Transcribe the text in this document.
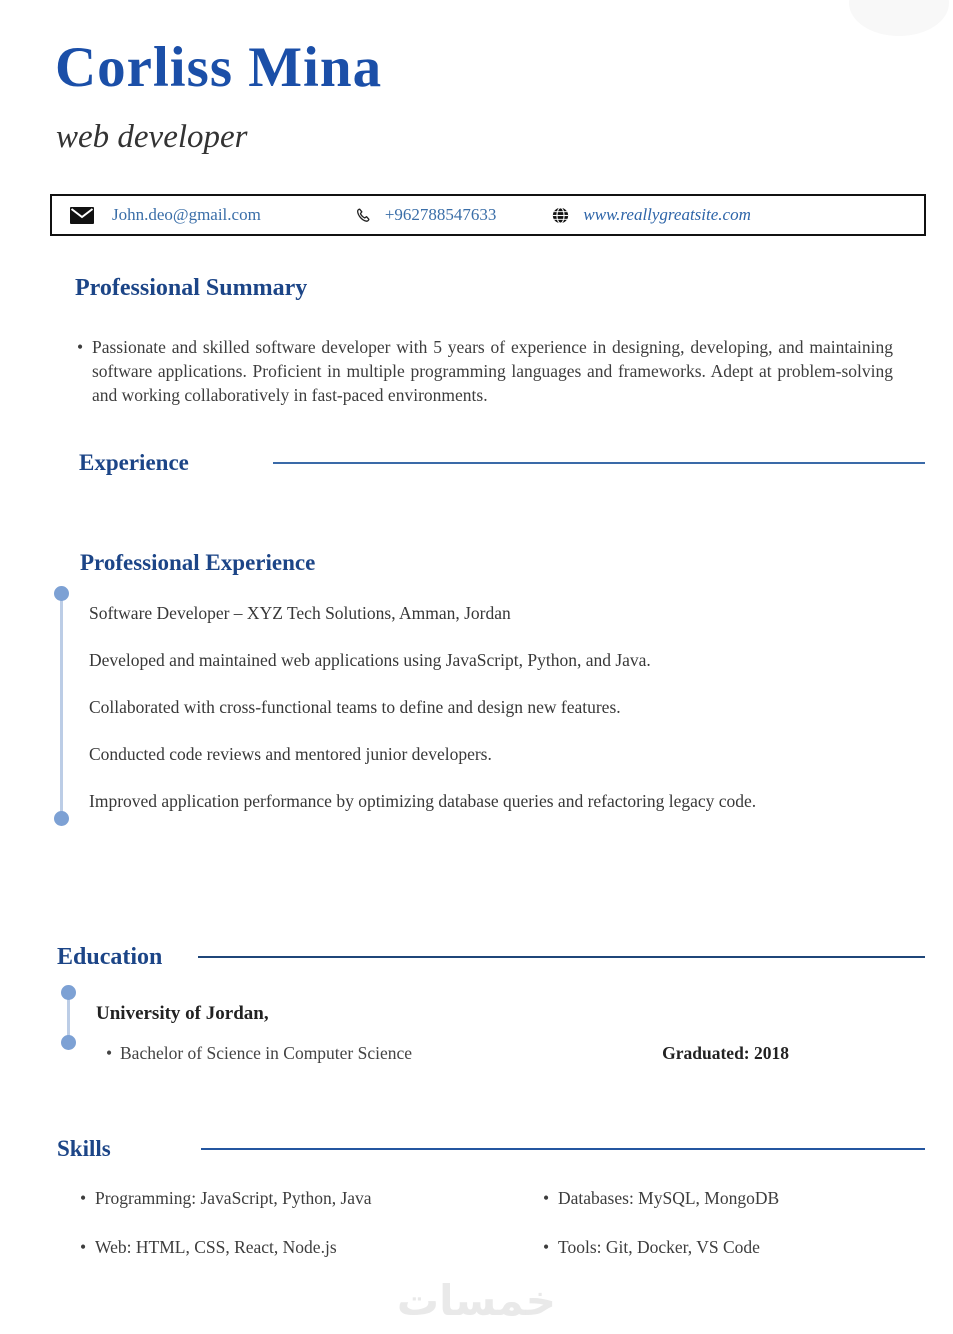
Corliss Mina
web developer
John.deo@gmail.com	+962788547633	www.reallygreatsite.com
Professional Summary

• Passionate and skilled software developer with 5 years of experience in designing, developing, and maintaining software applications. Proficient in multiple programming languages and frameworks. Adept at problem-solving and working collaboratively in fast-paced environments.

Experience
Professional Experience

Software Developer – XYZ Tech Solutions, Amman, Jordan

Developed and maintained web applications using JavaScript, Python, and Java.

Collaborated with cross-functional teams to define and design new features.

Conducted code reviews and mentored junior developers.

Improved application performance by optimizing database queries and refactoring legacy code.

Education
University of Jordan,
• Bachelor of Science in Computer Science	Graduated: 2018
Skills
• Programming: JavaScript, Python, Java	• Databases: MySQL, MongoDB
• Web: HTML, CSS, React, Node.js	• Tools: Git, Docker, VS Code
خمسات
